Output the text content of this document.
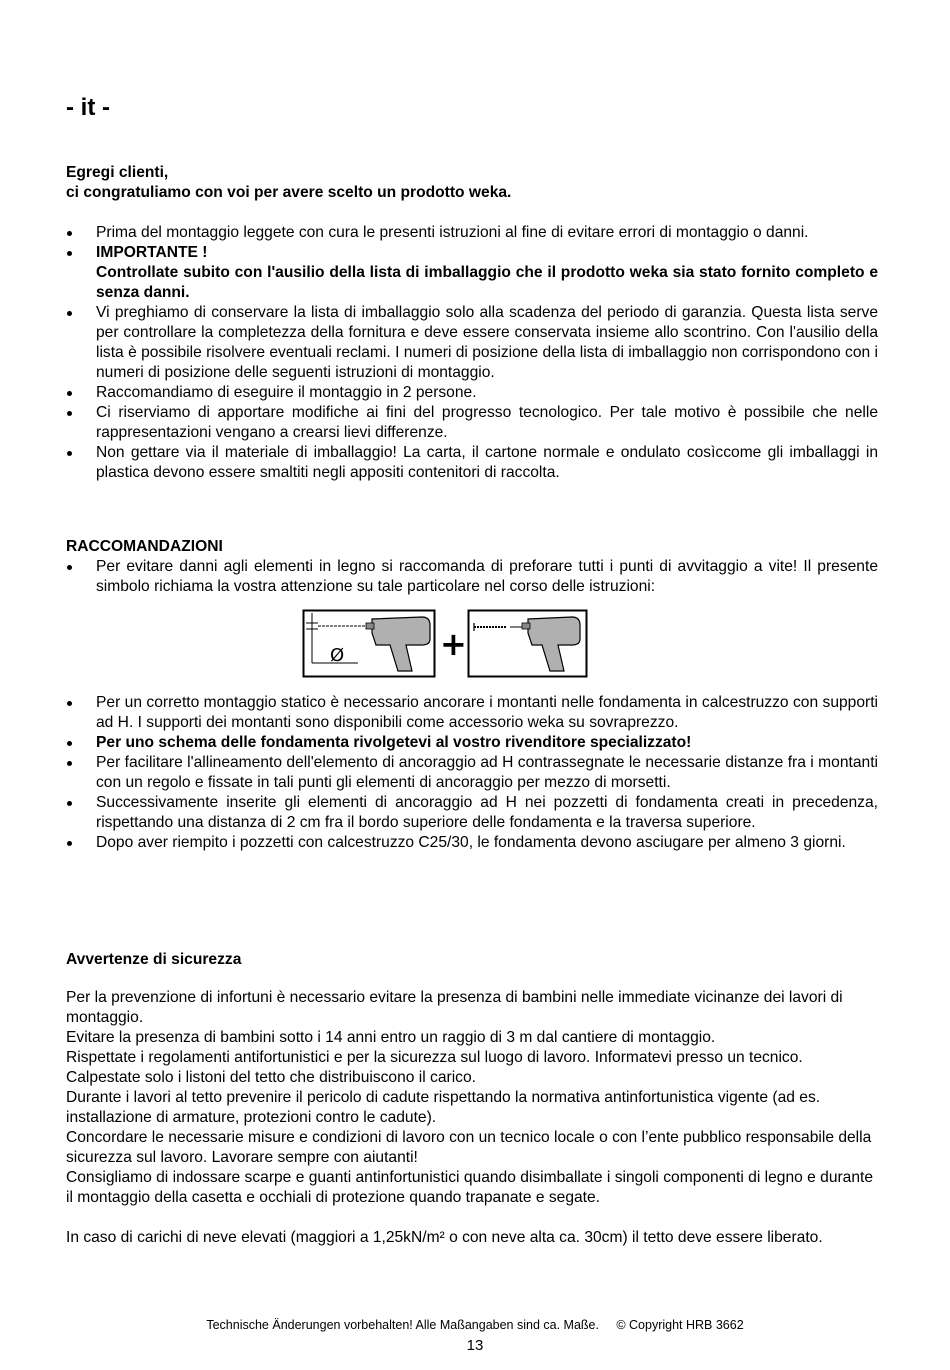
- it -
Egregi clienti,
ci congratuliamo con voi per avere scelto un prodotto weka.
Prima del montaggio leggete con cura le presenti istruzioni al fine di evitare errori di montaggio o danni.
IMPORTANTE !
Controllate subito con l'ausilio della lista di imballaggio che il prodotto weka sia stato fornito completo e senza danni.
Vi preghiamo di conservare la lista di imballaggio solo alla scadenza del periodo di garanzia. Questa lista serve per controllare la completezza della fornitura e deve essere conservata insieme allo scontrino. Con l'ausilio della lista è possibile risolvere eventuali reclami. I numeri di posizione della lista di imballaggio non corrispondono con i numeri di posizione delle seguenti istruzioni di montaggio.
Raccomandiamo di eseguire il montaggio in 2 persone.
Ci riserviamo di apportare modifiche ai fini del progresso tecnologico. Per tale motivo è possibile che nelle rappresentazioni vengano a crearsi lievi differenze.
Non gettare via il materiale di imballaggio! La carta, il cartone normale e ondulato cosìccome gli imballaggi in plastica devono essere smaltiti negli appositi contenitori di raccolta.
RACCOMANDAZIONI
Per evitare danni agli elementi in legno si raccomanda di preforare tutti i punti di avvitaggio a vite! Il presente simbolo richiama la vostra attenzione su tale particolare nel corso delle istruzioni:
Ø	+
Per un corretto montaggio statico è necessario ancorare i montanti nelle fondamenta in calcestruzzo con supporti ad H. I supporti dei montanti sono disponibili come accessorio weka su sovraprezzo.
Per uno schema delle fondamenta rivolgetevi al vostro rivenditore specializzato!
Per facilitare l'allineamento dell'elemento di ancoraggio ad H contrassegnate le necessarie distanze fra i montanti con un regolo e fissate in tali punti gli elementi di ancoraggio per mezzo di morsetti.
Successivamente inserite gli elementi di ancoraggio ad H nei pozzetti di fondamenta creati in precedenza, rispettando una distanza di 2 cm fra il bordo superiore delle fondamenta e la traversa superiore.
Dopo aver riempito i pozzetti con calcestruzzo C25/30, le fondamenta devono asciugare per almeno 3 giorni.
Avvertenze di sicurezza

Per la prevenzione di infortuni è necessario evitare la presenza di bambini nelle immediate vicinanze dei lavori di montaggio.

Evitare la presenza di bambini sotto i 14 anni entro un raggio di 3 m dal cantiere di montaggio.

Rispettate i regolamenti antifortunistici e per la sicurezza sul luogo di lavoro. Informatevi presso un tecnico.

Calpestate solo i listoni del tetto che distribuiscono il carico.

Durante i lavori al tetto prevenire il pericolo di cadute rispettando la normativa antinfortunistica vigente (ad es. installazione di armature, protezioni contro le cadute).

Concordare le necessarie misure e condizioni di lavoro con un tecnico locale o con l’ente pubblico responsabile della sicurezza sul lavoro. Lavorare sempre con aiutanti!

Consigliamo di indossare scarpe e guanti antinfortunistici quando disimballate i singoli componenti di legno e durante il montaggio della casetta e occhiali di protezione quando trapanate e segate.

In caso di carichi di neve elevati (maggiori a 1,25kN/m² o con neve alta ca. 30cm) il tetto deve essere liberato.

Technische Änderungen vorbehalten! Alle Maßangaben sind ca. Maße. © Copyright HRB 3662
13
